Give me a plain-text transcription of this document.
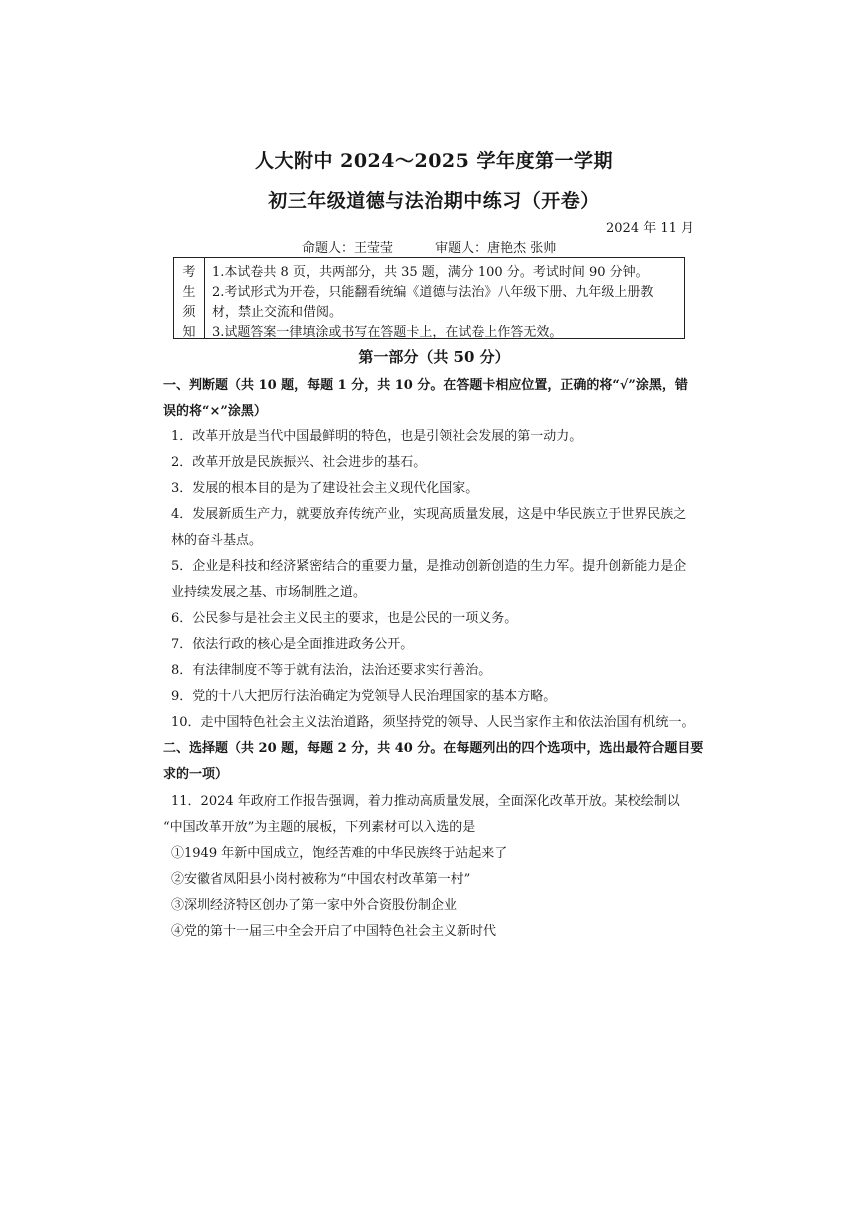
人大附中 2024～2025 学年度第一学期
初三年级道德与法治期中练习（开卷）
2024 年 11 月
命题人：王莹莹	审题人：唐艳杰 张帅
考
生
须
知
1.本试卷共 8 页，共两部分，共 35 题，满分 100 分。考试时间 90 分钟。
2.考试形式为开卷，只能翻看统编《道德与法治》八年级下册、九年级上册教
材，禁止交流和借阅。
3.试题答案一律填涂或书写在答题卡上，在试卷上作答无效。
第一部分（共 50 分）
一、判断题（共 10 题，每题 1 分，共 10 分。在答题卡相应位置，正确的将“√”涂黑，错
误的将“×”涂黑）
1．改革开放是当代中国最鲜明的特色，也是引领社会发展的第一动力。
2．改革开放是民族振兴、社会进步的基石。
3．发展的根本目的是为了建设社会主义现代化国家。
4．发展新质生产力，就要放弃传统产业，实现高质量发展，这是中华民族立于世界民族之
林的奋斗基点。
5．企业是科技和经济紧密结合的重要力量，是推动创新创造的生力军。提升创新能力是企
业持续发展之基、市场制胜之道。
6．公民参与是社会主义民主的要求，也是公民的一项义务。
7．依法行政的核心是全面推进政务公开。
8．有法律制度不等于就有法治，法治还要求实行善治。
9．党的十八大把厉行法治确定为党领导人民治理国家的基本方略。
10．走中国特色社会主义法治道路，须坚持党的领导、人民当家作主和依法治国有机统一。
二、选择题（共 20 题，每题 2 分，共 40 分。在每题列出的四个选项中，选出最符合题目要
求的一项）
11．2024 年政府工作报告强调，着力推动高质量发展，全面深化改革开放。某校绘制以
“中国改革开放”为主题的展板，下列素材可以入选的是
①1949 年新中国成立，饱经苦难的中华民族终于站起来了
②安徽省凤阳县小岗村被称为“中国农村改革第一村”
③深圳经济特区创办了第一家中外合资股份制企业
④党的第十一届三中全会开启了中国特色社会主义新时代
